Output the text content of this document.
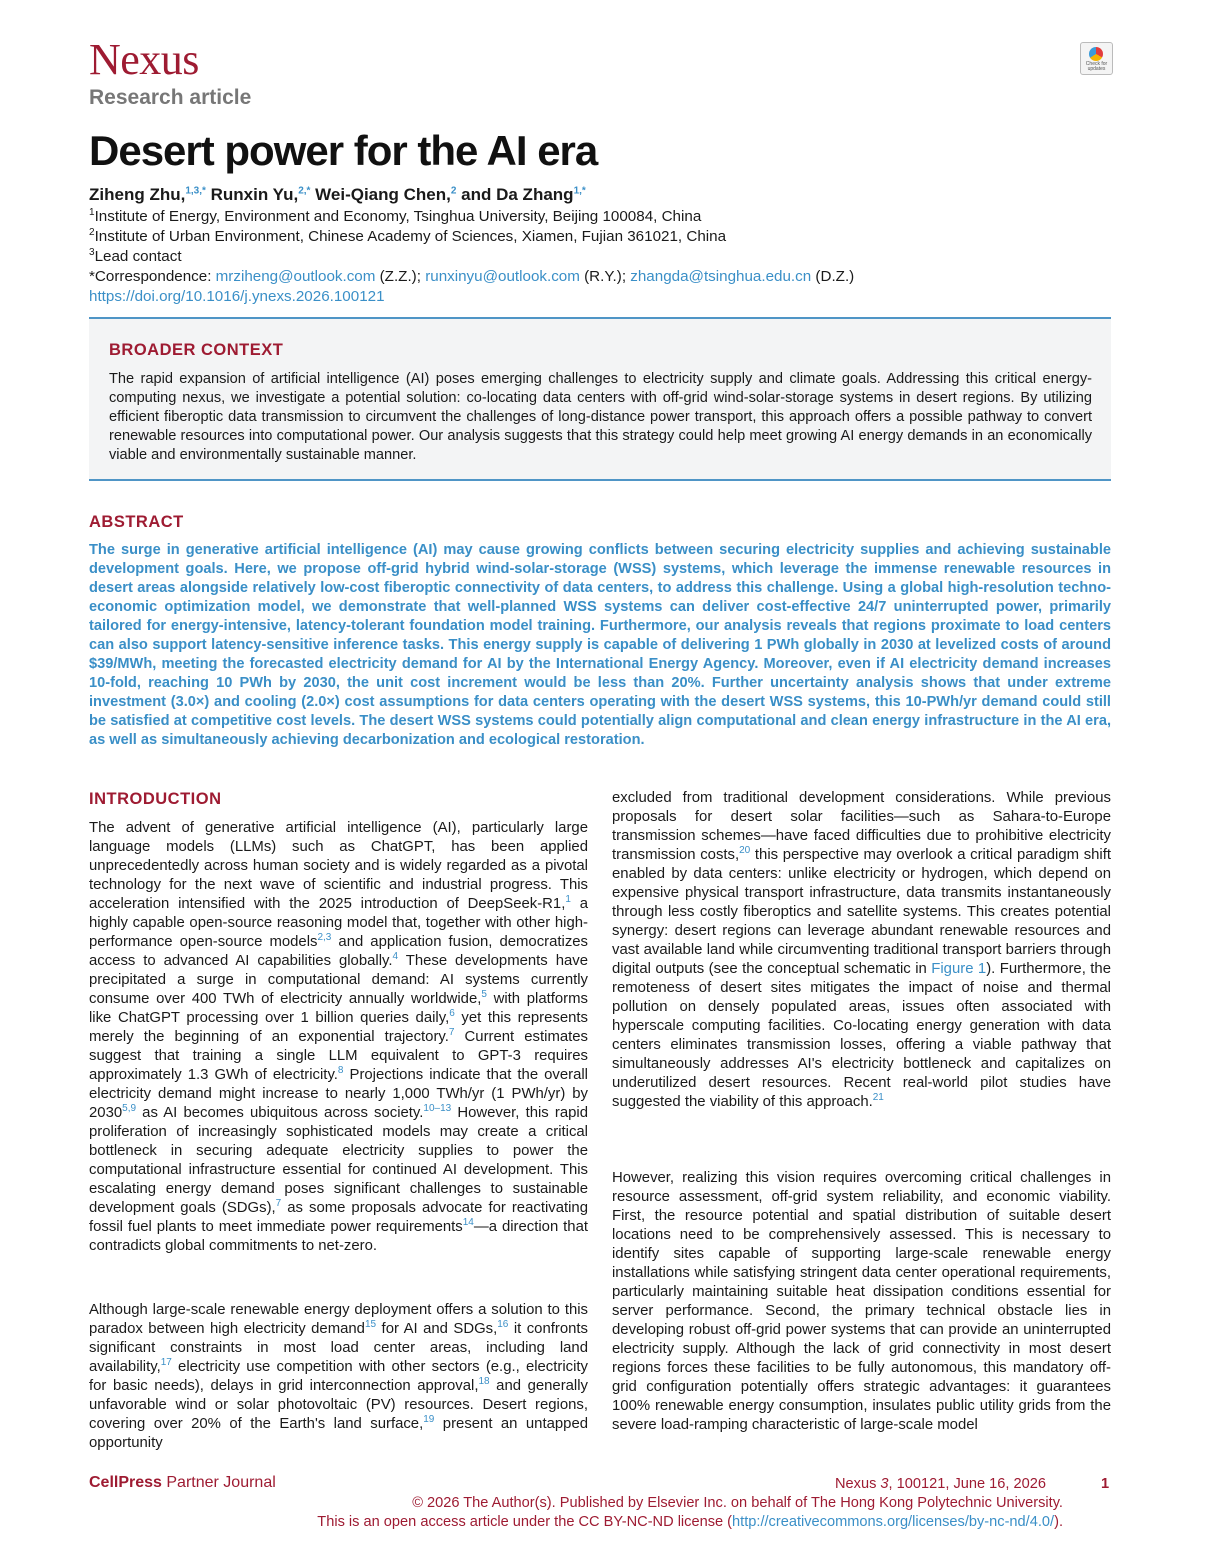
Nexus
Research article
Check for updates
Desert power for the AI era
Ziheng Zhu,$^{1,3,*}$ Runxin Yu,$^{2,*}$ Wei-Qiang Chen,$^2$ and Da Zhang$^{1,*}$
$^1$Institute of Energy, Environment and Economy, Tsinghua University, Beijing 100084, China
$^2$Institute of Urban Environment, Chinese Academy of Sciences, Xiamen, Fujian 361021, China
$^3$Lead contact
*Correspondence: mrziheng@outlook.com (Z.Z.); runxinyu@outlook.com (R.Y.); zhangda@tsinghua.edu.cn (D.Z.)
https://doi.org/10.1016/j.ynexs.2026.100121
BROADER CONTEXT
The rapid expansion of artificial intelligence (AI) poses emerging challenges to electricity supply and climate goals. Addressing this critical energy-computing nexus, we investigate a potential solution: co-locating data centers with off-grid wind-solar-storage systems in desert regions. By utilizing efficient fiberoptic data transmission to circumvent the challenges of long-distance power transport, this approach offers a possible pathway to convert renewable resources into computational power. Our analysis suggests that this strategy could help meet growing AI energy demands in an economically viable and environmentally sustainable manner.
ABSTRACT
The surge in generative artificial intelligence (AI) may cause growing conflicts between securing electricity supplies and achieving sustainable development goals. Here, we propose off-grid hybrid wind-solar-storage (WSS) systems, which leverage the immense renewable resources in desert areas alongside relatively low-cost fiberoptic connectivity of data centers, to address this challenge. Using a global high-resolution techno-economic optimization model, we demonstrate that well-planned WSS systems can deliver cost-effective 24/7 uninterrupted power, primarily tailored for energy-intensive, latency-tolerant foundation model training. Furthermore, our analysis reveals that regions proximate to load centers can also support latency-sensitive inference tasks. This energy supply is capable of delivering 1 PWh globally in 2030 at levelized costs of around $39/MWh, meeting the forecasted electricity demand for AI by the International Energy Agency. Moreover, even if AI electricity demand increases 10-fold, reaching 10 PWh by 2030, the unit cost increment would be less than 20%. Further uncertainty analysis shows that under extreme investment (3.0×) and cooling (2.0×) cost assumptions for data centers operating with the desert WSS systems, this 10-PWh/yr demand could still be satisfied at competitive cost levels. The desert WSS systems could potentially align computational and clean energy infrastructure in the AI era, as well as simultaneously achieving decarbonization and ecological restoration.
INTRODUCTION

The advent of generative artificial intelligence (AI), particularly large language models (LLMs) such as ChatGPT, has been applied unprecedentedly across human society and is widely regarded as a pivotal technology for the next wave of scientific and industrial progress. This acceleration intensified with the 2025 introduction of DeepSeek-R1,$^1$ a highly capable open-source reasoning model that, together with other high-performance open-source models$^{2,3}$ and application fusion, democratizes access to advanced AI capabilities globally.$^4$ These developments have precipitated a surge in computational demand: AI systems currently consume over 400 TWh of electricity annually worldwide,$^5$ with platforms like ChatGPT processing over 1 billion queries daily,$^6$ yet this represents merely the beginning of an exponential trajectory.$^7$ Current estimates suggest that training a single LLM equivalent to GPT-3 requires approximately 1.3 GWh of electricity.$^8$ Projections indicate that the overall electricity demand might increase to nearly 1,000 TWh/yr (1 PWh/yr) by 2030$^{5,9}$ as AI becomes ubiquitous across society.$^{10-13}$ However, this rapid proliferation of increasingly sophisticated models may create a critical bottleneck in securing adequate electricity supplies to power the computational infrastructure essential for continued AI development. This escalating energy demand poses significant challenges to sustainable development goals (SDGs),$^7$ as some proposals advocate for reactivating fossil fuel plants to meet immediate power requirements$^{14}$—a direction that contradicts global commitments to net-zero.

Although large-scale renewable energy deployment offers a solution to this paradox between high electricity demand$^{15}$ for AI and SDGs,$^{16}$ it confronts significant constraints in most load center areas, including land availability,$^{17}$ electricity use competition with other sectors (e.g., electricity for basic needs), delays in grid interconnection approval,$^{18}$ and generally unfavorable wind or solar photovoltaic (PV) resources. Desert regions, covering over 20% of the Earth's land surface,$^{19}$ present an untapped opportunity

excluded from traditional development considerations. While previous proposals for desert solar facilities—such as Sahara-to-Europe transmission schemes—have faced difficulties due to prohibitive electricity transmission costs,$^{20}$ this perspective may overlook a critical paradigm shift enabled by data centers: unlike electricity or hydrogen, which depend on expensive physical transport infrastructure, data transmits instantaneously through less costly fiberoptics and satellite systems. This creates potential synergy: desert regions can leverage abundant renewable resources and vast available land while circumventing traditional transport barriers through digital outputs (see the conceptual schematic in Figure 1). Furthermore, the remoteness of desert sites mitigates the impact of noise and thermal pollution on densely populated areas, issues often associated with hyperscale computing facilities. Co-locating energy generation with data centers eliminates transmission losses, offering a viable pathway that simultaneously addresses AI's electricity bottleneck and capitalizes on underutilized desert resources. Recent real-world pilot studies have suggested the viability of this approach.$^{21}$

However, realizing this vision requires overcoming critical challenges in resource assessment, off-grid system reliability, and economic viability. First, the resource potential and spatial distribution of suitable desert locations need to be comprehensively assessed. This is necessary to identify sites capable of supporting large-scale renewable energy installations while satisfying stringent data center operational requirements, particularly maintaining suitable heat dissipation conditions essential for server performance. Second, the primary technical obstacle lies in developing robust off-grid power systems that can provide an uninterrupted electricity supply. Although the lack of grid connectivity in most desert regions forces these facilities to be fully autonomous, this mandatory off-grid configuration potentially offers strategic advantages: it guarantees 100% renewable energy consumption, insulates public utility grids from the severe load-ramping characteristic of large-scale model

CellPress Partner Journal	Nexus 3, 100121, June 16, 2026	1
© 2026 The Author(s). Published by Elsevier Inc. on behalf of The Hong Kong Polytechnic University.
This is an open access article under the CC BY-NC-ND license (http://creativecommons.org/licenses/by-nc-nd/4.0/).
